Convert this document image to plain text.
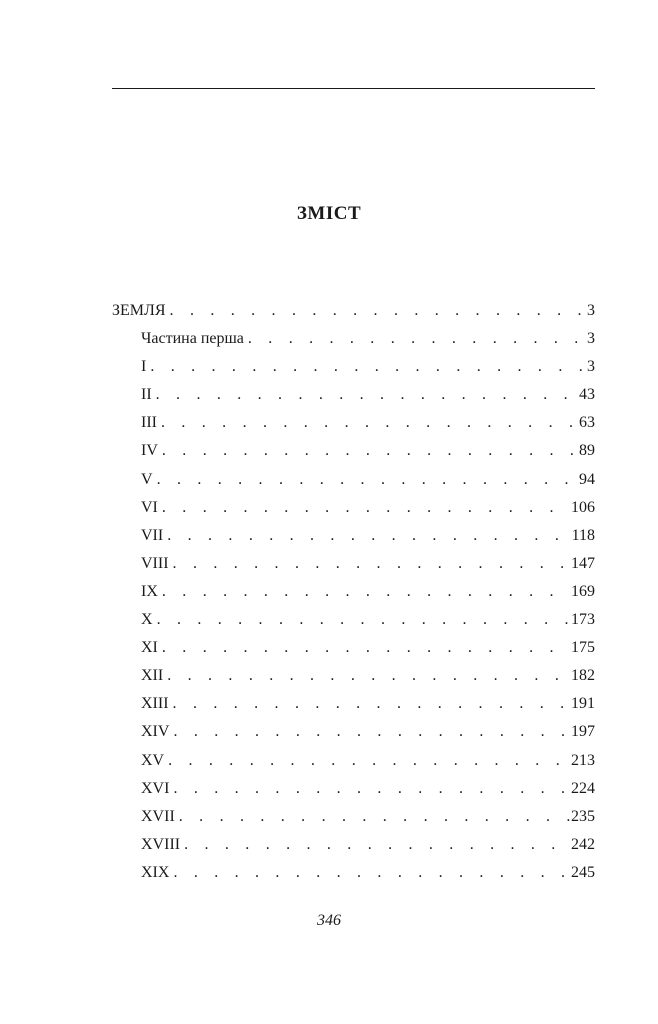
ЗМІСТ
ЗЕМЛЯ . . .	3
Частина перша . . .	3
I . . .	3
II . . .	43
III . . .	63
IV . . .	89
V . . .	94
VI . . .	106
VII . . .	118
VIII . . .	147
IX . . .	169
X . . .	173
XI . . .	175
XII . . .	182
XIII . . .	191
XIV . . .	197
XV . . .	213
XVI . . .	224
XVII . . .	235
XVIII . . .	242
XIX . . .	245
346
